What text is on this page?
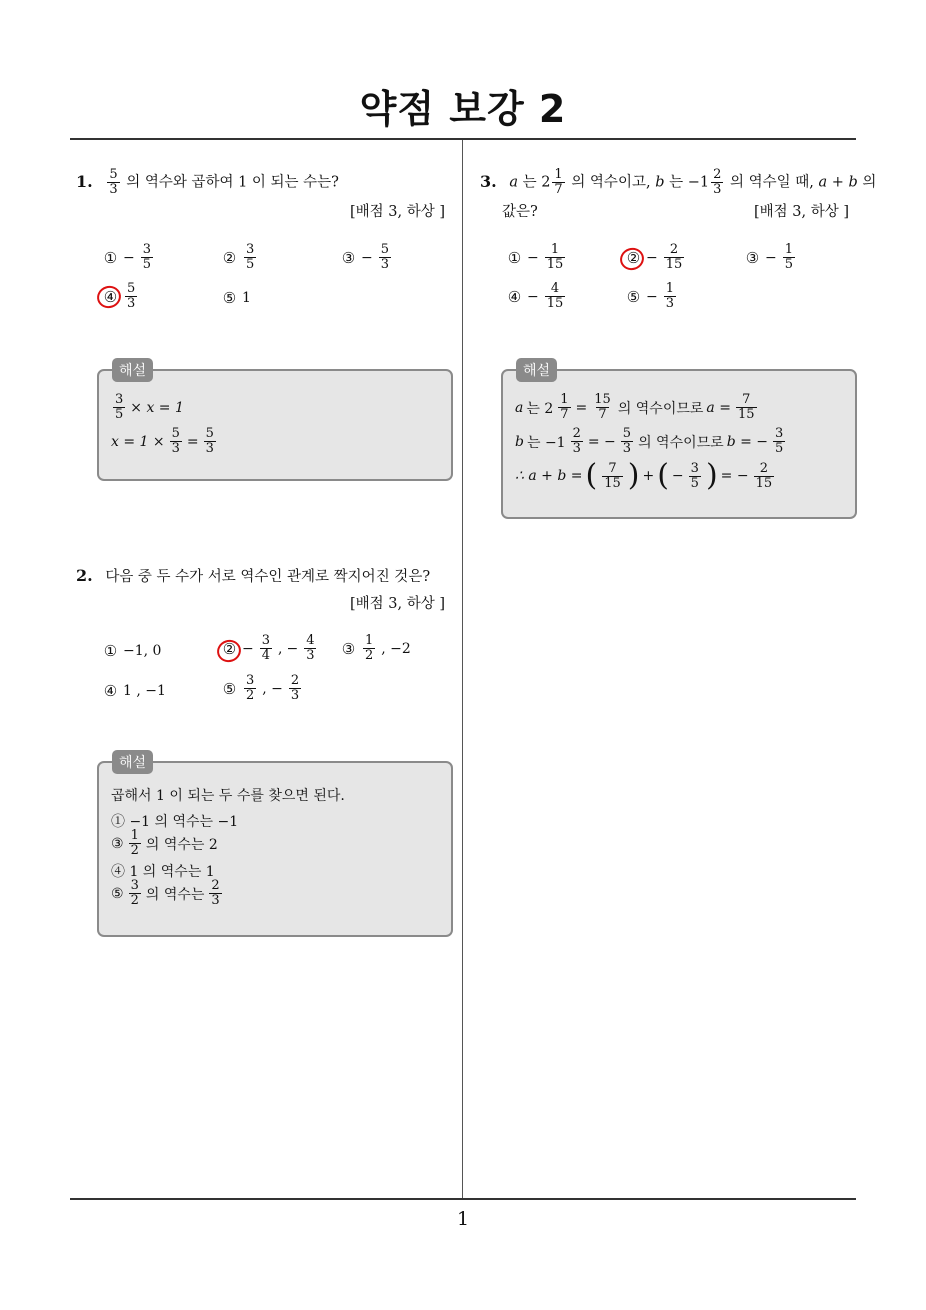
약점 보강 2
1
1. $\frac{5}{3}$ 의 역수와 곱하여 1 이 되는 수는?
[배점 3, 하상 ]
① − $\frac{3}{5}$	② $\frac{3}{5}$	③ − $\frac{5}{3}$
④ $\frac{5}{3}$	⑤ 1
$\frac{3}{5} \times x = 1$
$x = 1 \times \frac{5}{3} = \frac{5}{3}$
해설
2. 다음 중 두 수가 서로 역수인 관계로 짝지어진 것은?
[배점 3, 하상 ]
① −1, 0	② − $\frac{3}{4}$ , − $\frac{4}{3}$ ③ $\frac{1}{2}$ , −2
④ 1 , −1	⑤ $\frac{3}{2}$ , − $\frac{2}{3}$
곱해서 1 이 되는 두 수를 찾으면 된다.
① −1 의 역수는 −1
③ $\frac{1}{2}$ 의 역수는 2
④ 1 의 역수는 1
⑤ $\frac{3}{2}$ 의 역수는 $\frac{2}{3}$
해설
3. a 는 $2 \frac{1}{7}$ 의 역수이고, b 는 $-1 \frac{2}{3}$ 의 역수일 때, a + b 의
값은?	[배점 3, 하상 ]
① − $\frac{1}{15}$	② − $\frac{2}{15}$	③ − $\frac{1}{5}$
④ − $\frac{4}{15}$	⑤ − $\frac{1}{3}$
a 는 $2 \frac{1}{7} = \frac{15}{7}$ 의 역수이므로 $a = \frac{7}{15}$
b 는 $-1 \frac{2}{3}$ = − $\frac{5}{3}$ 의 역수이므로 b = − $\frac{3}{5}$
∴ a + b = ( $\frac{7}{15}$ ) + ( − $\frac{3}{5}$ ) = − $\frac{2}{15}$
해설
